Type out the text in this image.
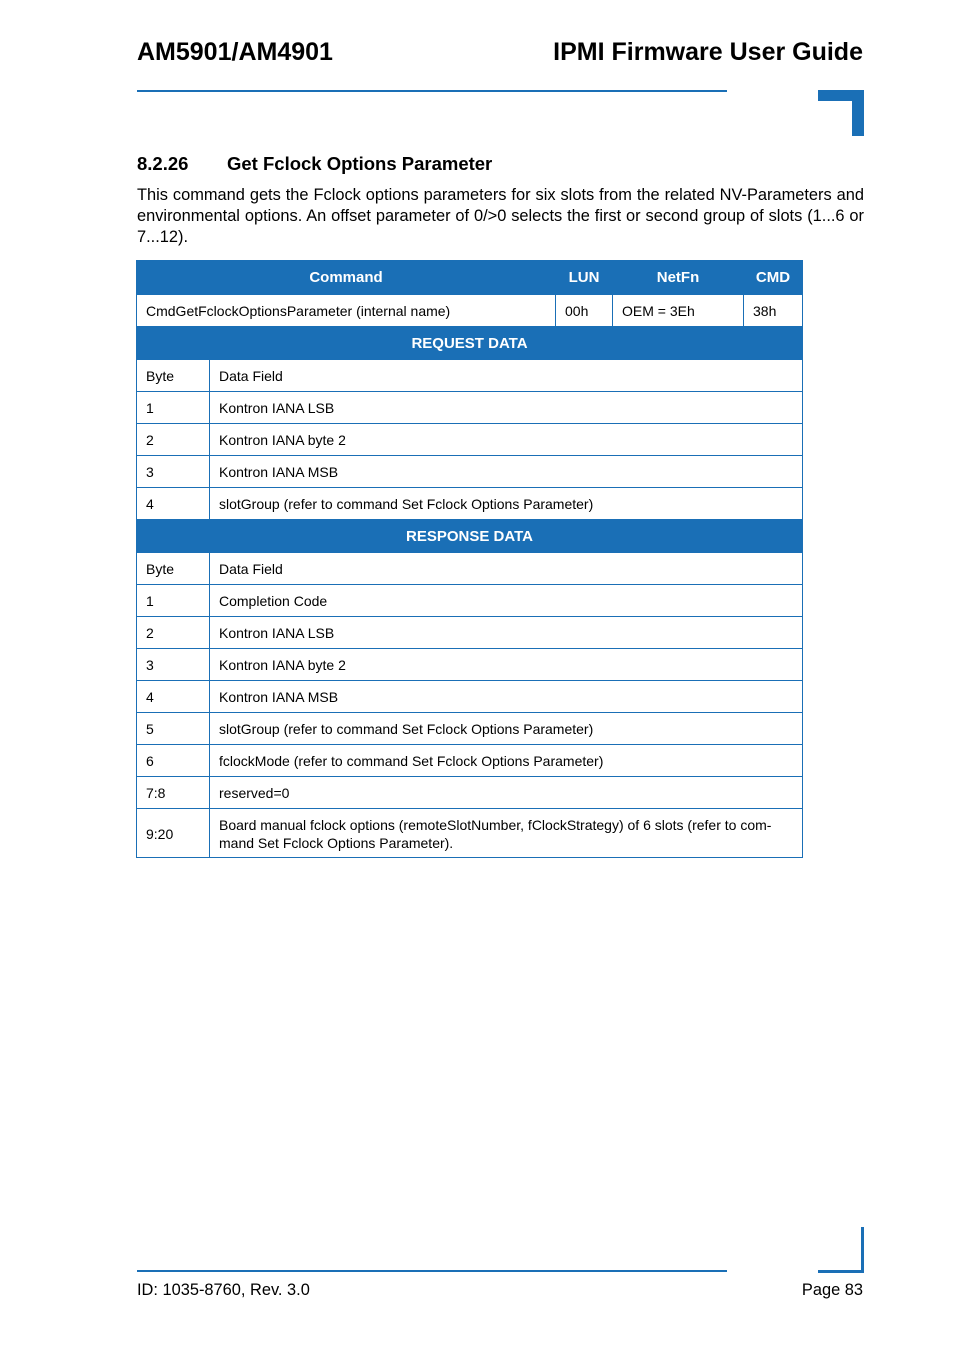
AM5901/AM4901	IPMI Firmware User Guide
8.2.26 Get Fclock Options Parameter
This command gets the Fclock options parameters for six slots from the related NV-Parameters and environmental options. An offset parameter of 0/>0 selects the first or second group of slots (1...6 or 7...12).
Command		LUN	NetFn	CMD
CmdGetFclockOptionsParameter (internal name)		00h	OEM = 3Eh	38h
REQUEST DATA				
Byte	Data Field			
1	Kontron IANA LSB			
2	Kontron IANA byte 2			
3	Kontron IANA MSB			
4	slotGroup (refer to command Set Fclock Options Parameter)			
RESPONSE DATA				
Byte	Data Field			
1	Completion Code			
2	Kontron IANA LSB			
3	Kontron IANA byte 2			
4	Kontron IANA MSB			
5	slotGroup (refer to command Set Fclock Options Parameter)			
6	fclockMode (refer to command Set Fclock Options Parameter)			
7:8	reserved=0			
9:20	Board manual fclock options (remoteSlotNumber, fClockStrategy) of 6 slots (refer to com-mand Set Fclock Options Parameter).			
ID: 1035-8760, Rev. 3.0	Page 83
